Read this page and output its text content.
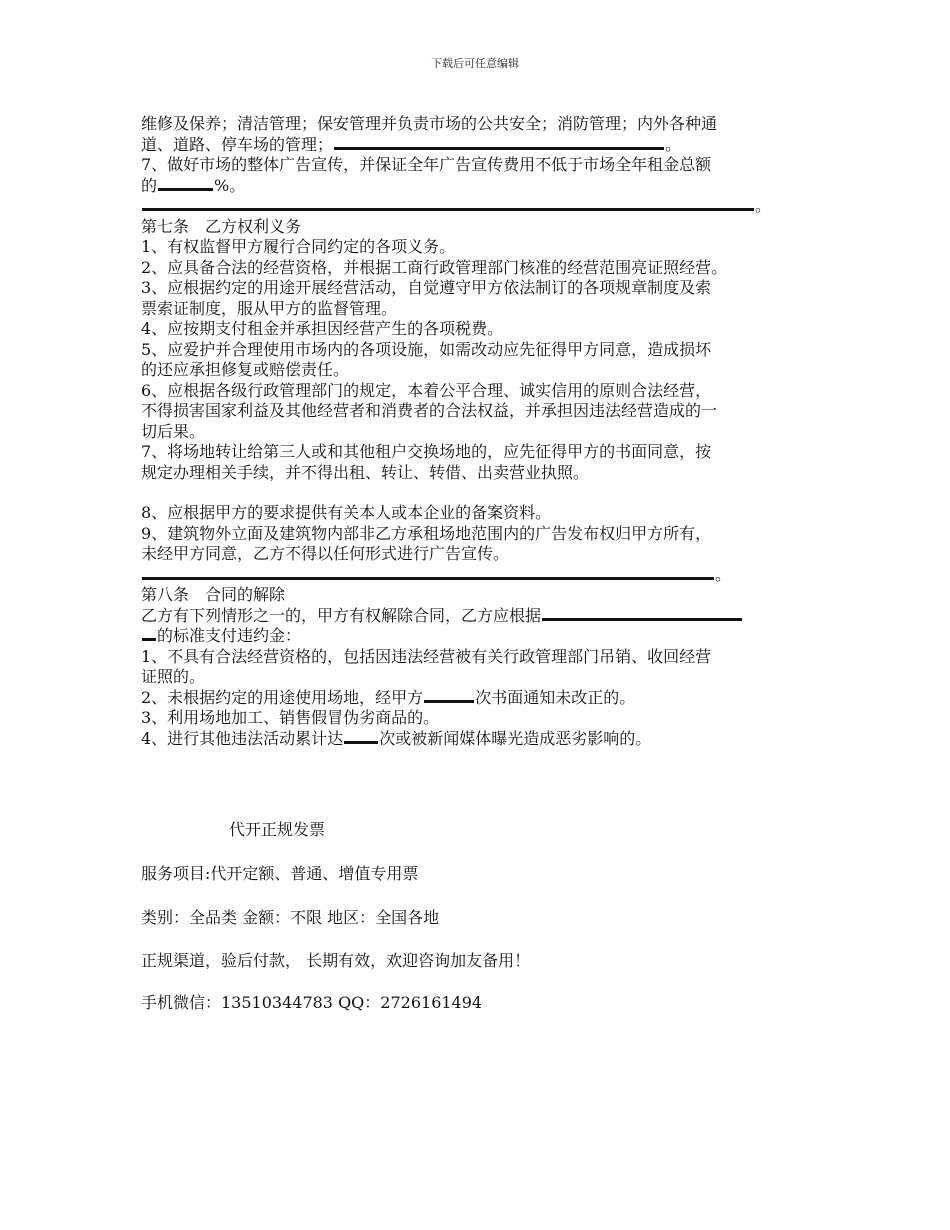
下载后可任意编辑

维修及保养；清洁管理；保安管理并负责市场的公共安全；消防管理；内外各种通

道、道路、停车场的管理；	。

7、做好市场的整体广告宣传，并保证全年广告宣传费用不低于市场全年租金总额

的	%。

。

第七条　乙方权利义务

1、有权监督甲方履行合同约定的各项义务。

2、应具备合法的经营资格，并根据工商行政管理部门核准的经营范围亮证照经营。

3、应根据约定的用途开展经营活动，自觉遵守甲方依法制订的各项规章制度及索

票索证制度，服从甲方的监督管理。

4、应按期支付租金并承担因经营产生的各项税费。

5、应爱护并合理使用市场内的各项设施，如需改动应先征得甲方同意，造成损坏

的还应承担修复或赔偿责任。

6、应根据各级行政管理部门的规定，本着公平合理、诚实信用的原则合法经营，

不得损害国家利益及其他经营者和消费者的合法权益，并承担因违法经营造成的一

切后果。

7、将场地转让给第三人或和其他租户交换场地的，应先征得甲方的书面同意，按

规定办理相关手续，并不得出租、转让、转借、出卖营业执照。

8、应根据甲方的要求提供有关本人或本企业的备案资料。

9、建筑物外立面及建筑物内部非乙方承租场地范围内的广告发布权归甲方所有，

未经甲方同意，乙方不得以任何形式进行广告宣传。

。

第八条　合同的解除

乙方有下列情形之一的，甲方有权解除合同，乙方应根据

的标准支付违约金：

1、不具有合法经营资格的，包括因违法经营被有关行政管理部门吊销、收回经营

证照的。

2、未根据约定的用途使用场地，经甲方	次书面通知未改正的。

3、利用场地加工、销售假冒伪劣商品的。

4、进行其他违法活动累计达 次或被新闻媒体曝光造成恶劣影响的。

代开正规发票

服务项目:代开定额、普通、增值专用票

类别：全品类 金额：不限 地区：全国各地

正规渠道，验后付款， 长期有效，欢迎咨询加友备用！

手机微信：13510344783 QQ：2726161494
